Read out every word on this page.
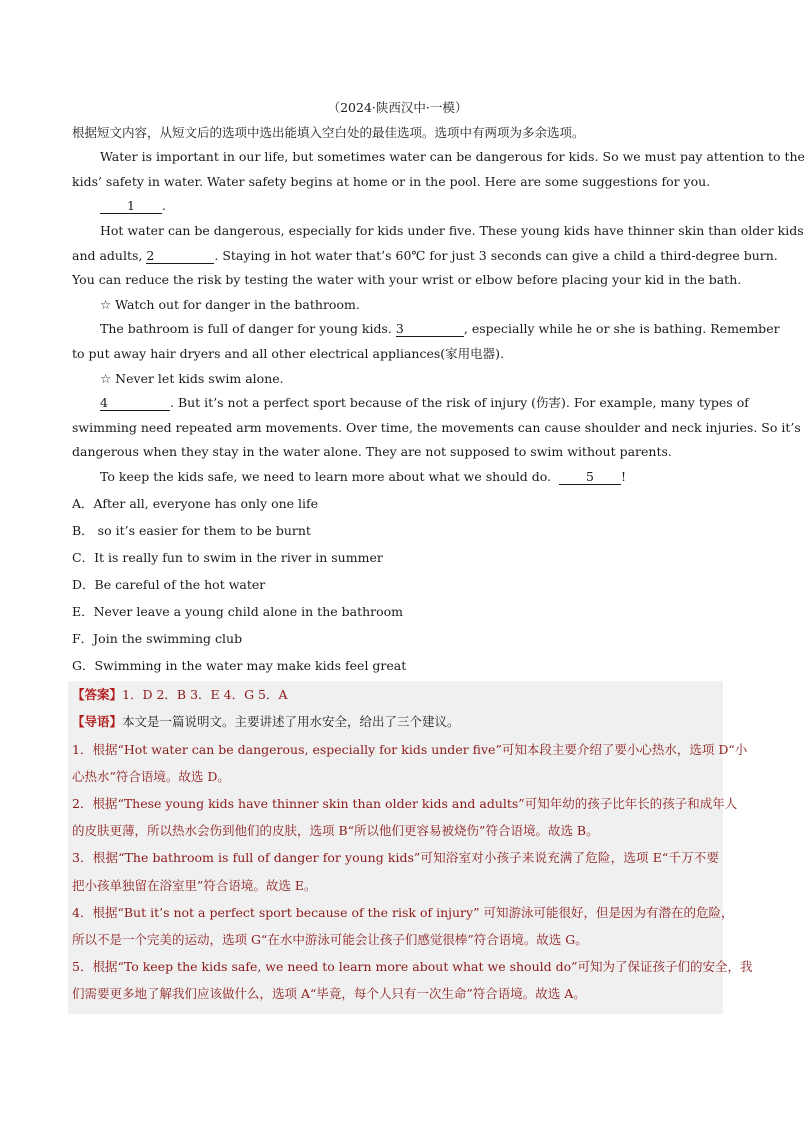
（2024·陕西汉中·一模）
根据短文内容，从短文后的选项中选出能填入空白处的最佳选项。选项中有两项为多余选项。
Water is important in our life, but sometimes water can be dangerous for kids. So we must pay attention to the
kids’ safety in water. Water safety begins at home or in the pool. Here are some suggestions for you.
1 .
Hot water can be dangerous, especially for kids under five. These young kids have thinner skin than older kids
and adults, 2	. Staying in hot water that’s 60℃ for just 3 seconds can give a child a third-degree burn.
You can reduce the risk by testing the water with your wrist or elbow before placing your kid in the bath.
☆ Watch out for danger in the bathroom.
The bathroom is full of danger for young kids. 3	, especially while he or she is bathing. Remember
to put away hair dryers and all other electrical appliances(家用电器).
☆ Never let kids swim alone.
4	. But it’s not a perfect sport because of the risk of injury (伤害). For example, many types of
swimming need repeated arm movements. Over time, the movements can cause shoulder and neck injuries. So it’s
dangerous when they stay in the water alone. They are not supposed to swim without parents.
To keep the kids safe, we need to learn more about what we should do.	5 !
A．After all, everyone has only one life
B． so it’s easier for them to be burnt
C．It is really fun to swim in the river in summer
D．Be careful of the hot water
E．Never leave a young child alone in the bathroom
F．Join the swimming club
G．Swimming in the water may make kids feel great
【答案】1．D 2．B 3．E 4．G 5．A
【导语】本文是一篇说明文。主要讲述了用水安全，给出了三个建议。
1．根据“Hot water can be dangerous, especially for kids under five”可知本段主要介绍了要小心热水，选项 D“小
心热水”符合语境。故选 D。
2．根据“These young kids have thinner skin than older kids and adults”可知年幼的孩子比年长的孩子和成年人
的皮肤更薄，所以热水会伤到他们的皮肤，选项 B“所以他们更容易被烧伤”符合语境。故选 B。
3．根据“The bathroom is full of danger for young kids”可知浴室对小孩子来说充满了危险，选项 E“千万不要
把小孩单独留在浴室里”符合语境。故选 E。
4．根据“But it’s not a perfect sport because of the risk of injury” 可知游泳可能很好，但是因为有潜在的危险，
所以不是一个完美的运动，选项 G“在水中游泳可能会让孩子们感觉很棒”符合语境。故选 G。
5．根据“To keep the kids safe, we need to learn more about what we should do”可知为了保证孩子们的安全，我
们需要更多地了解我们应该做什么，选项 A“毕竟，每个人只有一次生命”符合语境。故选 A。
